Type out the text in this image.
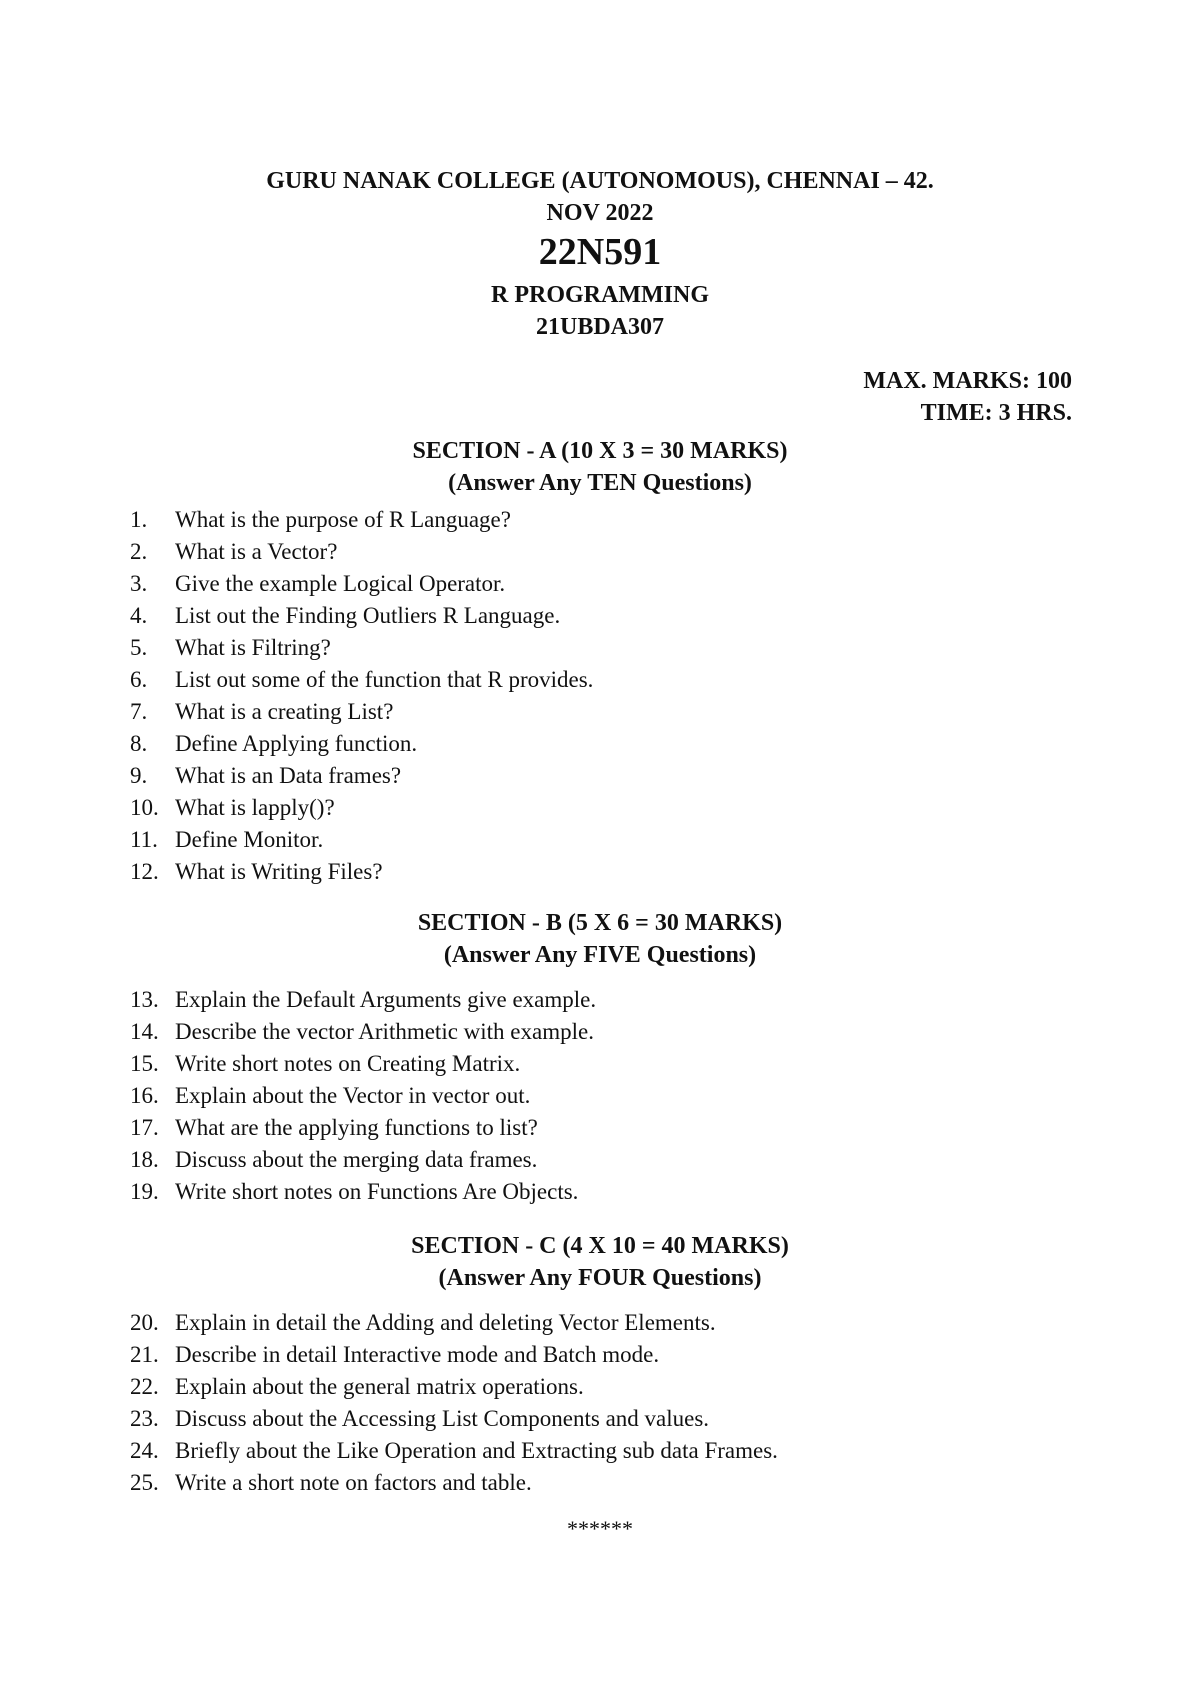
GURU NANAK COLLEGE (AUTONOMOUS), CHENNAI – 42.
NOV 2022
22N591
R PROGRAMMING
21UBDA307
MAX. MARKS: 100
TIME: 3 HRS.
SECTION - A (10 X 3 = 30 MARKS)
(Answer Any TEN Questions)
1. What is the purpose of R Language?
2. What is a Vector?
3. Give the example Logical Operator.
4. List out the Finding Outliers R Language.
5. What is Filtring?
6. List out some of the function that R provides.
7. What is a creating List?
8. Define Applying function.
9. What is an Data frames?
10. What is lapply()?
11. Define Monitor.
12. What is Writing Files?
SECTION - B (5 X 6 = 30 MARKS)
(Answer Any FIVE Questions)
13. Explain the Default Arguments give example.
14. Describe the vector Arithmetic with example.
15. Write short notes on Creating Matrix.
16. Explain about the Vector in vector out.
17. What are the applying functions to list?
18. Discuss about the merging data frames.
19. Write short notes on Functions Are Objects.
SECTION - C (4 X 10 = 40 MARKS)
(Answer Any FOUR Questions)
20. Explain in detail the Adding and deleting Vector Elements.
21. Describe in detail Interactive mode and Batch mode.
22. Explain about the general matrix operations.
23. Discuss about the Accessing List Components and values.
24. Briefly about the Like Operation and Extracting sub data Frames.
25. Write a short note on factors and table.
******
